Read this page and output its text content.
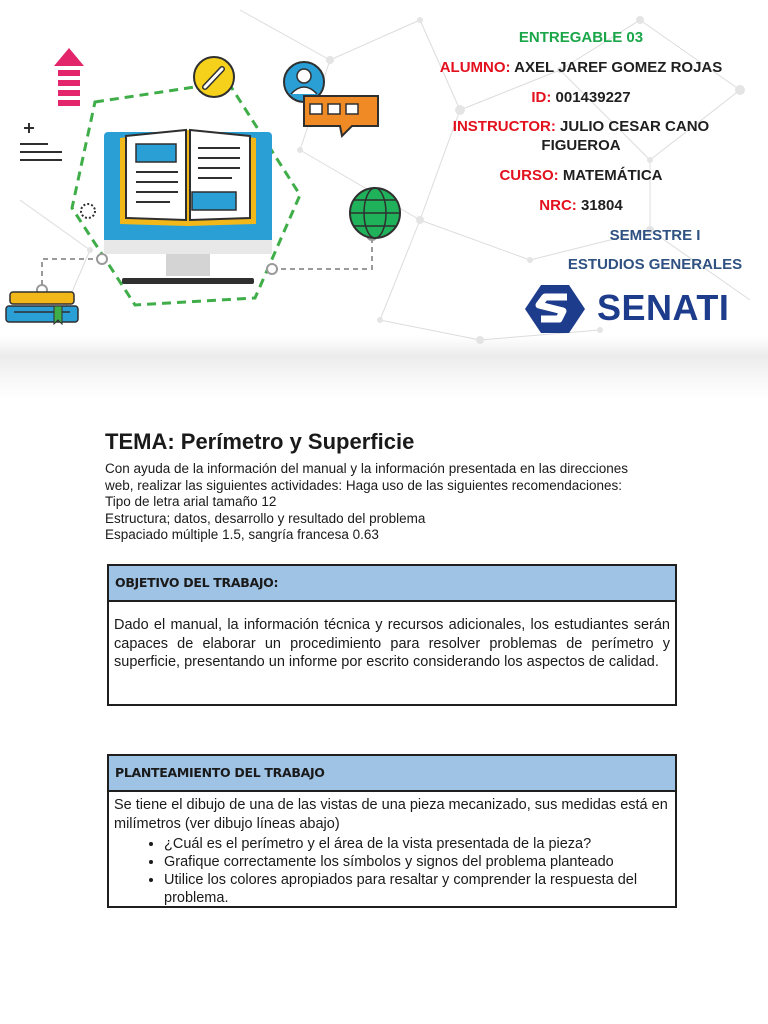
ENTREGABLE 03
ALUMNO: AXEL JAREF GOMEZ ROJAS
ID: 001439227
INSTRUCTOR: JULIO CESAR CANO
FIGUEROA
CURSO: MATEMÁTICA
NRC: 31804
SEMESTRE I
ESTUDIOS GENERALES
SENATI
TEMA: Perímetro y Superficie
Con ayuda de la información del manual y la información presentada en las direcciones
web, realizar las siguientes actividades: Haga uso de las siguientes recomendaciones:
Tipo de letra arial tamaño 12
Estructura; datos, desarrollo y resultado del problema
Espaciado múltiple 1.5, sangría francesa 0.63
OBJETIVO DEL TRABAJO:
Dado el manual, la información técnica y recursos adicionales, los estudiantes serán capaces de elaborar un procedimiento para resolver problemas de perímetro y superficie, presentando un informe por escrito considerando los aspectos de calidad.
PLANTEAMIENTO DEL TRABAJO
Se tiene el dibujo de una de las vistas de una pieza mecanizado, sus medidas está en milímetros (ver dibujo líneas abajo)
• ¿Cuál es el perímetro y el área de la vista presentada de la pieza?
• Grafique correctamente los símbolos y signos del problema planteado
• Utilice los colores apropiados para resaltar y comprender la respuesta del problema.
